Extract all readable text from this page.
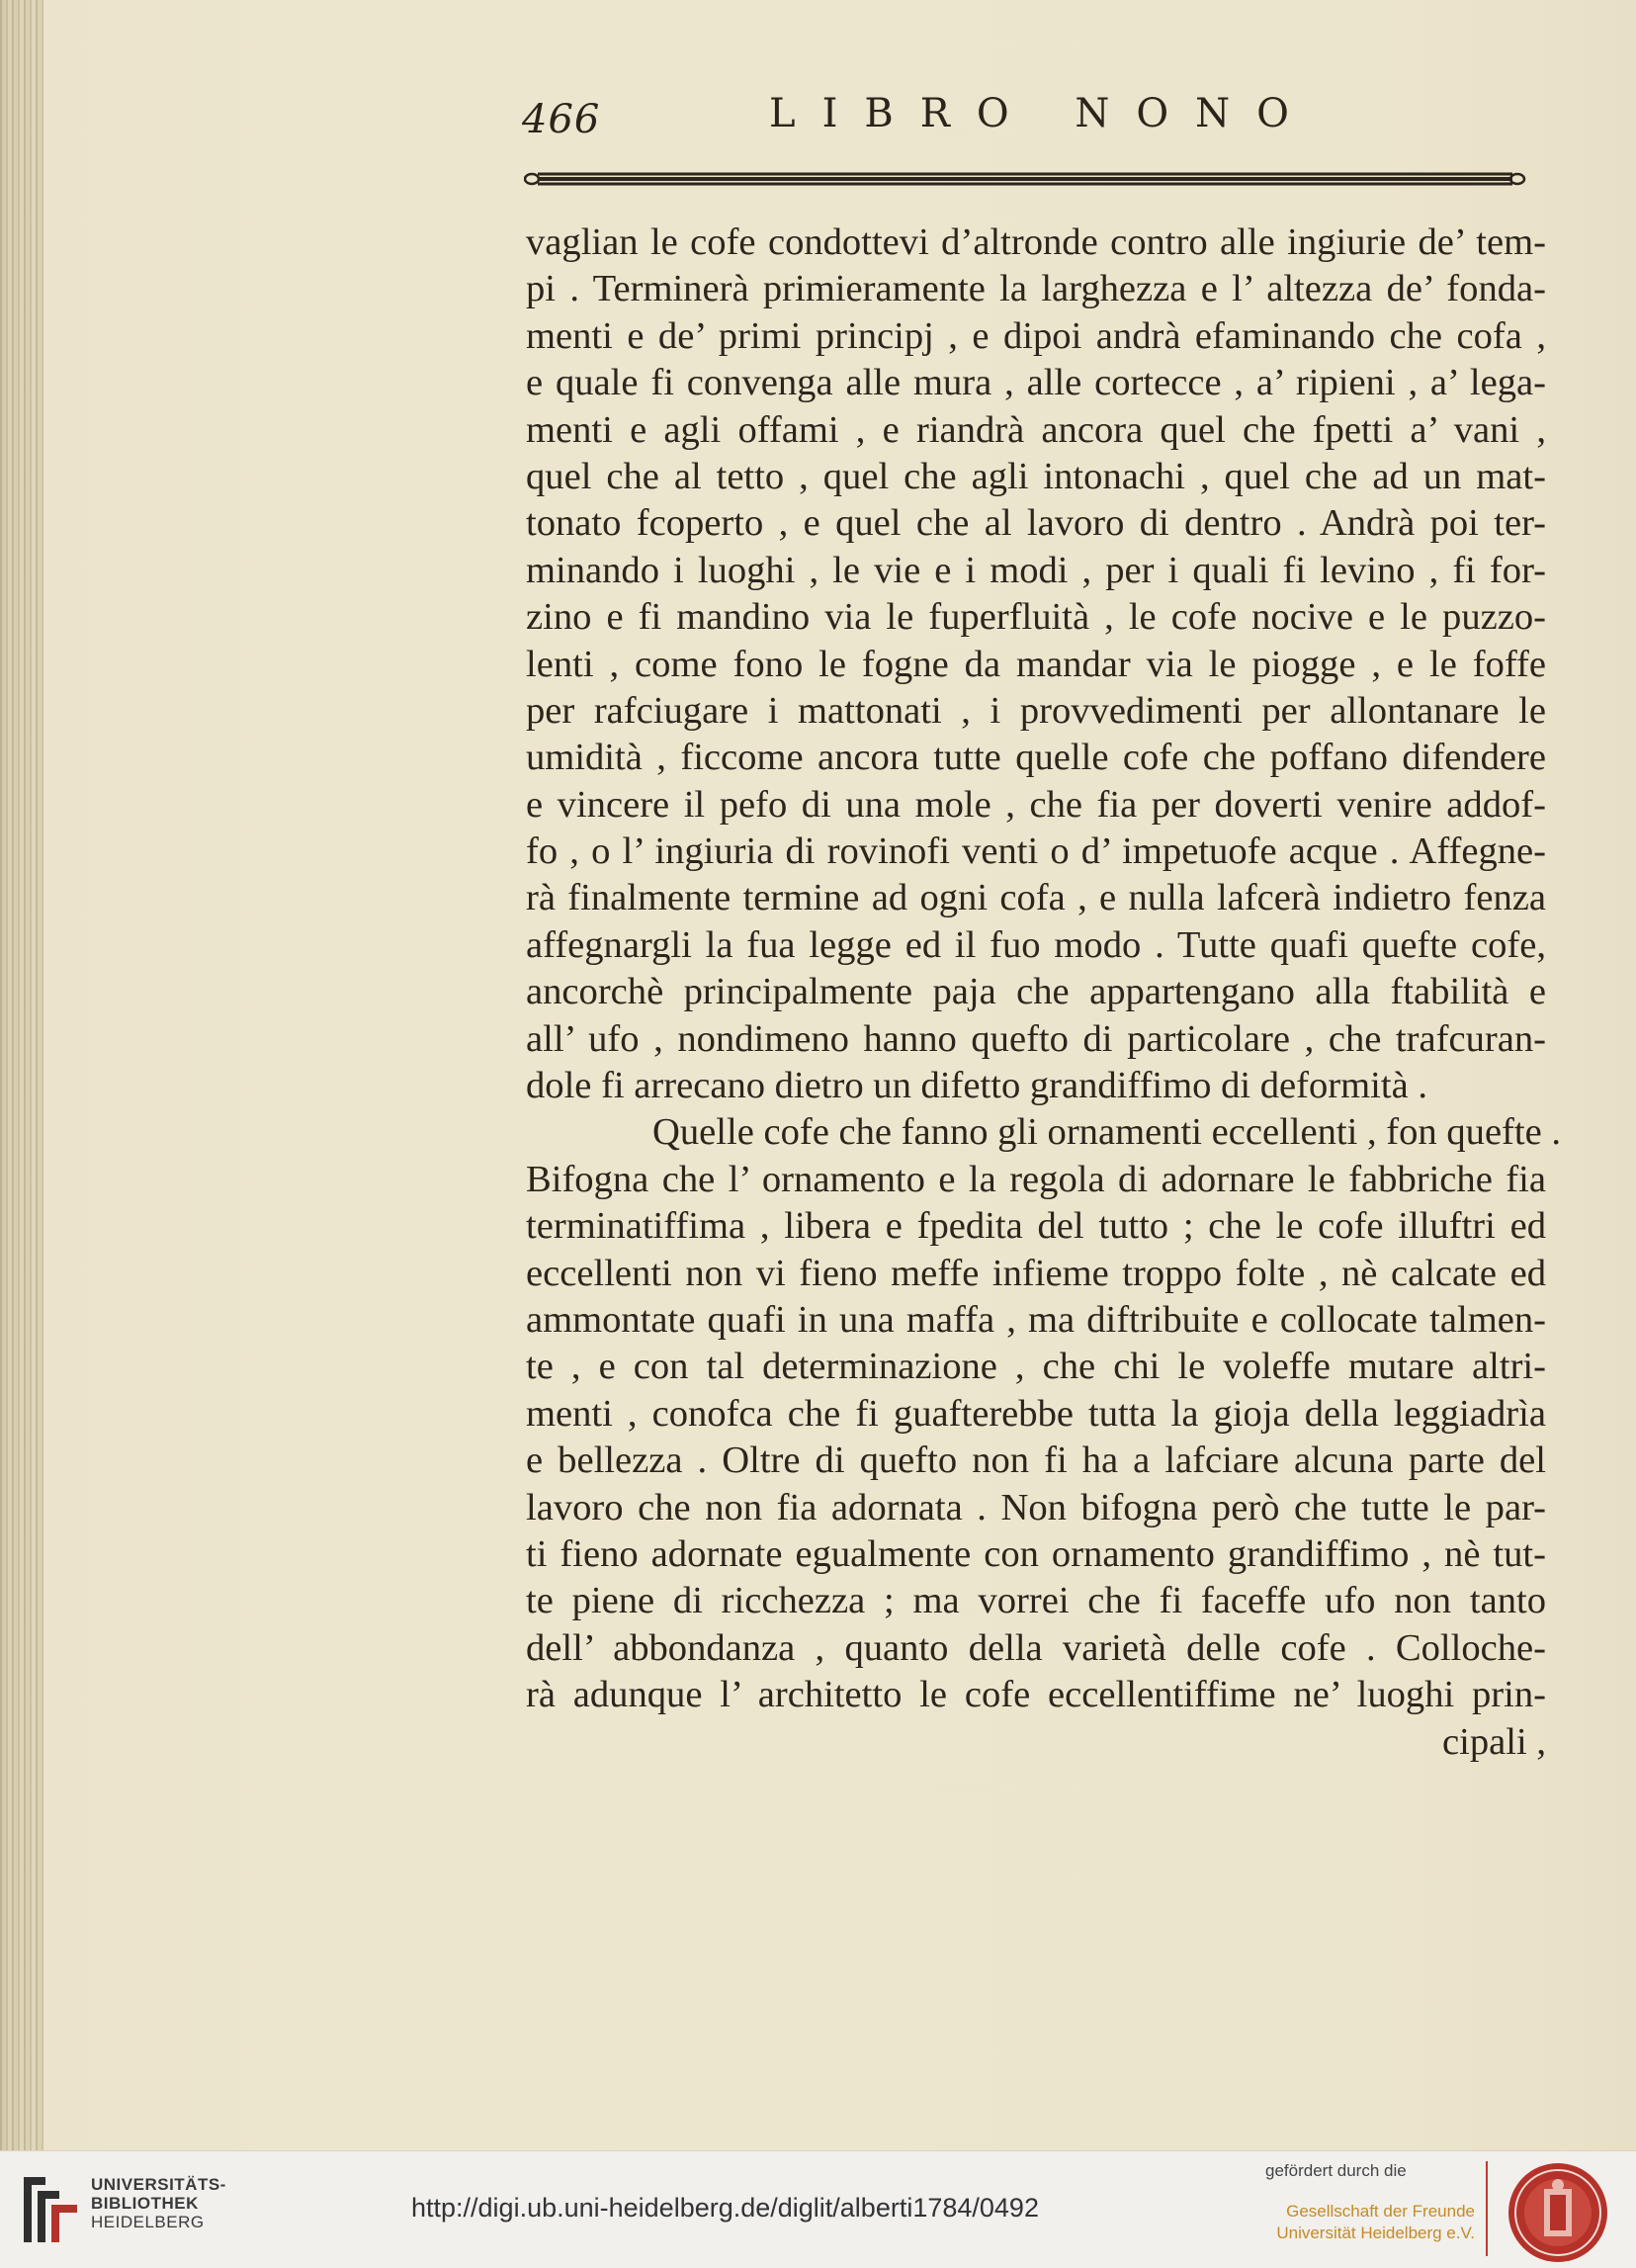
466	LIBRO NONO
vaglian le cofe condottevi d’altronde contro alle ingiurie de’ tem-
pi . Terminerà primieramente la larghezza e l’ altezza de’ fonda-
menti e de’ primi principj , e dipoi andrà efaminando che cofa ,
e quale fi convenga alle mura , alle cortecce , a’ ripieni , a’ lega-
menti e agli offami , e riandrà ancora quel che fpetti a’ vani ,
quel che al tetto , quel che agli intonachi , quel che ad un mat-
tonato fcoperto , e quel che al lavoro di dentro . Andrà poi ter-
minando i luoghi , le vie e i modi , per i quali fi levino , fi for-
zino e fi mandino via le fuperfluità , le cofe nocive e le puzzo-
lenti , come fono le fogne da mandar via le piogge , e le foffe
per rafciugare i mattonati , i provvedimenti per allontanare le
umidità , ficcome ancora tutte quelle cofe che poffano difendere
e vincere il pefo di una mole , che fia per doverti venire addof-
fo , o l’ ingiuria di rovinofi venti o d’ impetuofe acque . Affegne-
rà finalmente termine ad ogni cofa , e nulla lafcerà indietro fenza
affegnargli la fua legge ed il fuo modo . Tutte quafi quefte cofe,
ancorchè principalmente paja che appartengano alla ftabilità e
all’ ufo , nondimeno hanno quefto di particolare , che trafcuran-
dole fi arrecano dietro un difetto grandiffimo di deformità .
Quelle cofe che fanno gli ornamenti eccellenti , fon quefte .
Bifogna che l’ ornamento e la regola di adornare le fabbriche fia
terminatiffima , libera e fpedita del tutto ; che le cofe illuftri ed
eccellenti non vi fieno meffe infieme troppo folte , nè calcate ed
ammontate quafi in una maffa , ma diftribuite e collocate talmen-
te , e con tal determinazione , che chi le voleffe mutare altri-
menti , conofca che fi guafterebbe tutta la gioja della leggiadrìa
e bellezza . Oltre di quefto non fi ha a lafciare alcuna parte del
lavoro che non fia adornata . Non bifogna però che tutte le par-
ti fieno adornate egualmente con ornamento grandiffimo , nè tut-
te piene di ricchezza ; ma vorrei che fi faceffe ufo non tanto
dell’ abbondanza , quanto della varietà delle cofe . Colloche-
rà adunque l’ architetto le cofe eccellentiffime ne’ luoghi prin-
cipali ,
UNIVERSITÄTS-
BIBLIOTHEK
HEIDELBERG	http://digi.ub.uni-heidelberg.de/diglit/alberti1784/0492
gefördert durch die
Gesellschaft der Freunde
Universität Heidelberg e.V.
